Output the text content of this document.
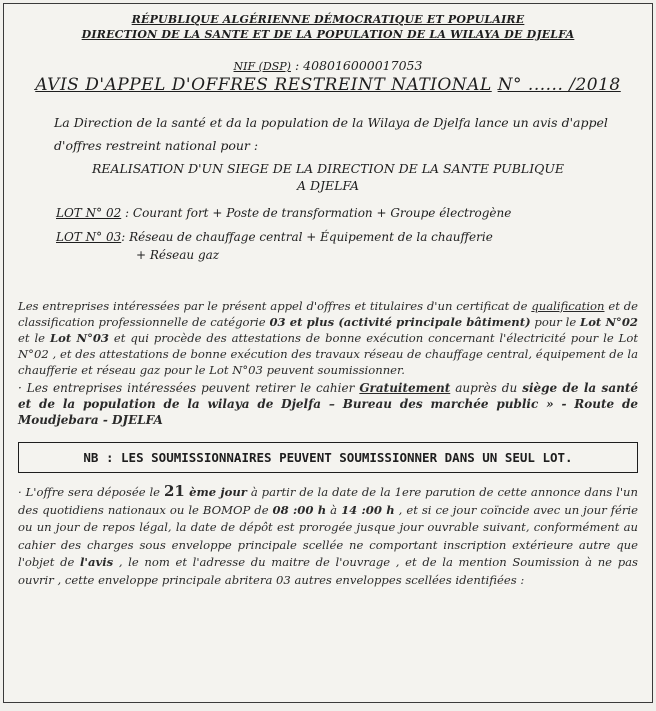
RÉPUBLIQUE ALGÉRIENNE DÉMOCRATIQUE ET POPULAIRE
DIRECTION DE LA SANTE ET DE LA POPULATION DE LA WILAYA DE DJELFA
NIF (DSP) : 408016000017053
AVIS D'APPEL D'OFFRES RESTREINT NATIONAL N° ...... /2018
La Direction de la santé et da la population de la Wilaya de Djelfa lance un avis d'appel d'offres restreint national pour :
REALISATION D'UN SIEGE DE LA DIRECTION DE LA SANTE PUBLIQUE
A DJELFA
LOT N° 02 : Courant fort + Poste de transformation + Groupe électrogène
LOT N° 03: Réseau de chauffage central + Équipement de la chaufferie
+ Réseau gaz
Les entreprises intéressées par le présent appel d'offres et titulaires d'un certificat de qualification et de classification professionnelle de catégorie 03 et plus (activité principale bâtiment) pour le Lot N°02 et le Lot N°03 et qui procède des attestations de bonne exécution concernant l'électricité pour le Lot N°02 , et des attestations de bonne exécution des travaux réseau de chauffage central, équipement de la chaufferie et réseau gaz pour le Lot N°03 peuvent soumissionner.
· Les entreprises intéressées peuvent retirer le cahier Gratuitement auprès du siège de la santé et de la population de la wilaya de Djelfa – Bureau des marchée public » - Route de Moudjebara - DJELFA
NB : LES SOUMISSIONNAIRES PEUVENT SOUMISSIONNER DANS UN SEUL LOT.
· L'offre sera déposée le 21 ème jour à partir de la date de la 1ere parution de cette annonce dans l'un des quotidiens nationaux ou le BOMOP de 08 :00 h à 14 :00 h , et si ce jour coïncide avec un jour férie ou un jour de repos légal, la date de dépôt est prorogée jusque jour ouvrable suivant, conformément au cahier des charges sous enveloppe principale scellée ne comportant inscription extérieure autre que l'objet de l'avis , le nom et l'adresse du maitre de l'ouvrage , et de la mention Soumission à ne pas ouvrir , cette enveloppe principale abritera 03 autres enveloppes scellées identifiées :
